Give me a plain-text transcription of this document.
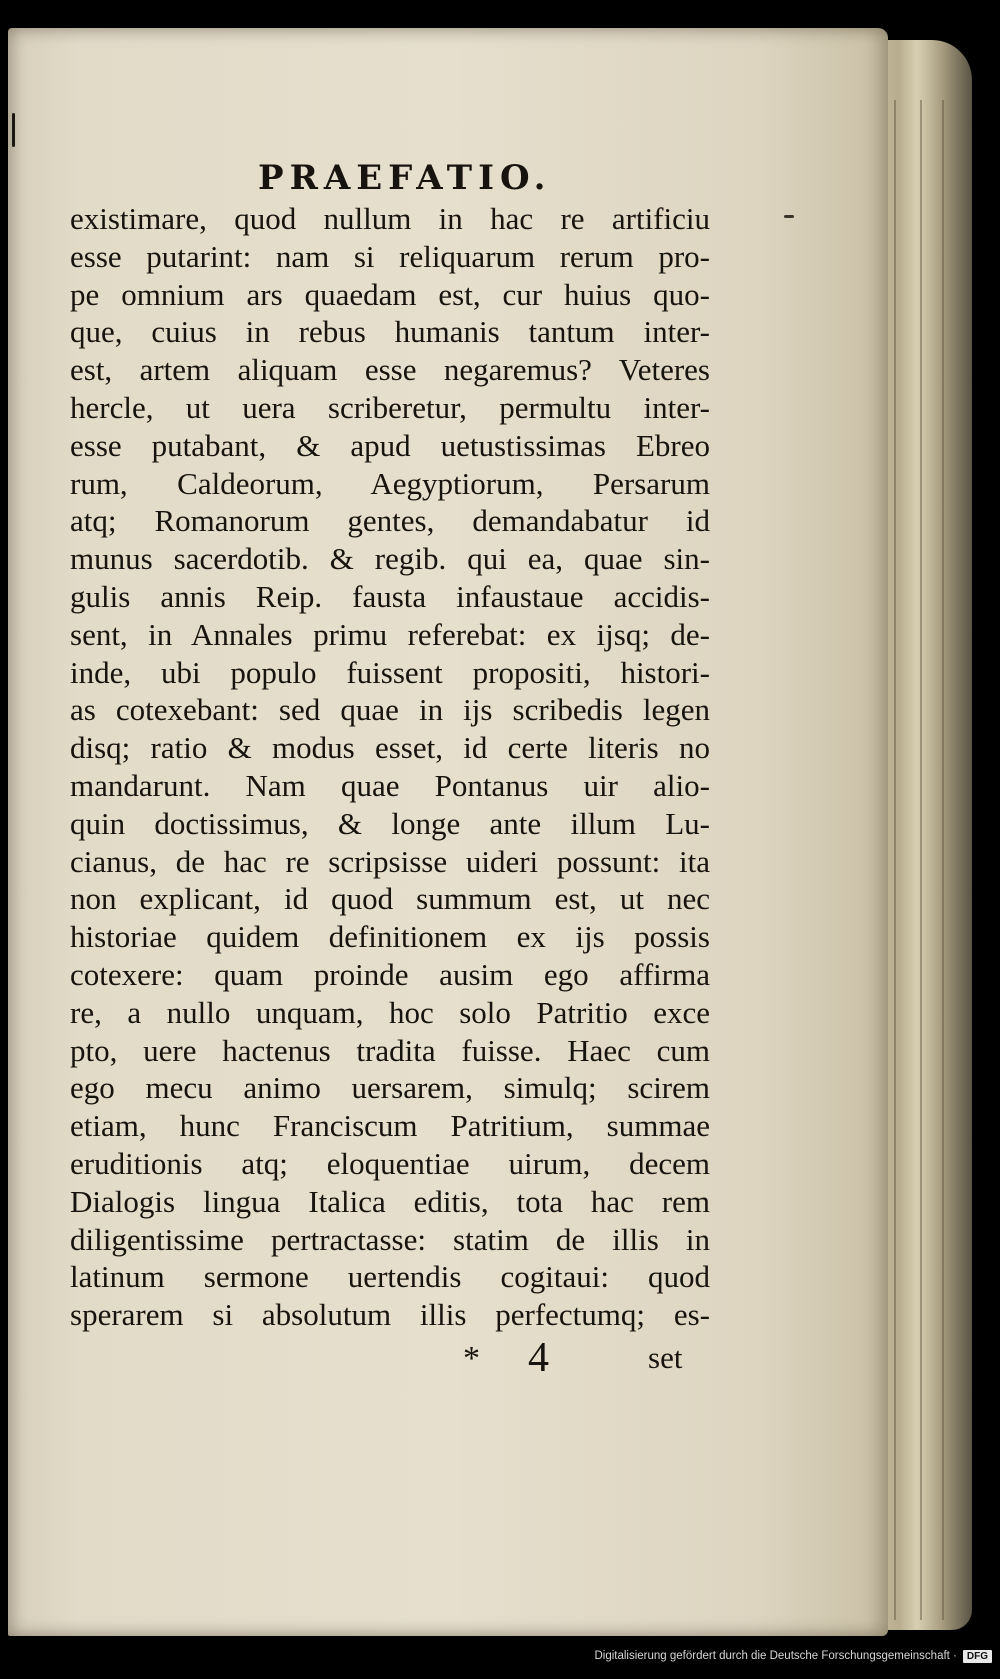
PRAEFATIO.
existimare, quod nullum in hac re artificiu
esse putarint: nam si reliquarum rerum pro-
pe omnium ars quaedam est, cur huius quo-
que, cuius in rebus humanis tantum inter-
est, artem aliquam esse negaremus? Veteres
hercle, ut uera scriberetur, permultu inter-
esse putabant, & apud uetustissimas Ebreo
rum, Caldeorum, Aegyptiorum, Persarum
atq; Romanorum gentes, demandabatur id
munus sacerdotib. & regib. qui ea, quae sin-
gulis annis Reip. fausta infaustaue accidis-
sent, in Annales primu referebat: ex ijsq; de-
inde, ubi populo fuissent propositi, histori-
as cotexebant: sed quae in ijs scribedis legen
disq; ratio & modus esset, id certe literis no
mandarunt. Nam quae Pontanus uir alio-
quin doctissimus, & longe ante illum Lu-
cianus, de hac re scripsisse uideri possunt: ita
non explicant, id quod summum est, ut nec
historiae quidem definitionem ex ijs possis
cotexere: quam proinde ausim ego affirma
re, a nullo unquam, hoc solo Patritio exce
pto, uere hactenus tradita fuisse. Haec cum
ego mecu animo uersarem, simulq; scirem
etiam, hunc Franciscum Patritium, summae
eruditionis atq; eloquentiae uirum, decem
Dialogis lingua Italica editis, tota hac rem
diligentissime pertractasse: statim de illis in
latinum sermone uertendis cogitaui: quod
sperarem si absolutum illis perfectumq; es-
* 4	set
Digitalisierung gefördert durch die Deutsche Forschungsgemeinschaft ·	DFG
